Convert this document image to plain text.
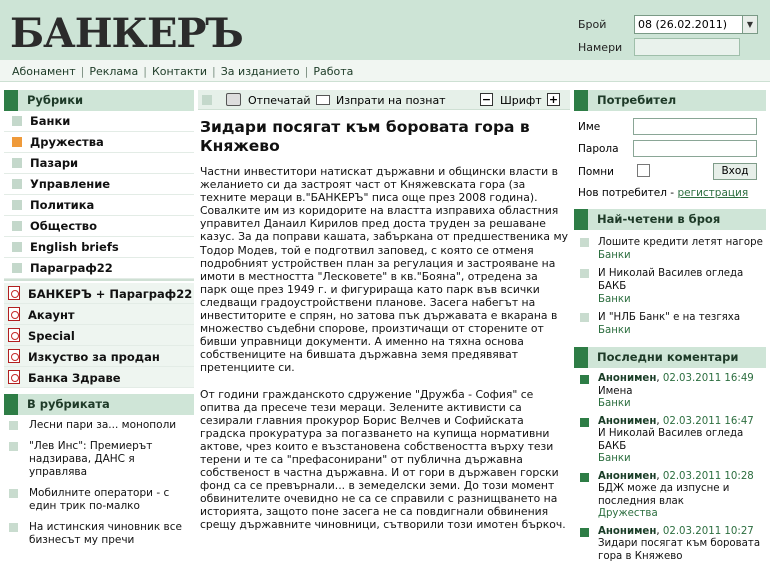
БАНКЕРЪ	Брой	08 (26.02.2011)	▼
Намери
Абонамент | Реклама | Контакти | За изданието | Работа
Рубрики
Банки
Дружества
Пазари
Управление
Политика
Общество
English briefs
Параграф22
БАНКЕРЪ + Параграф22
Акаунт
Special
Изкуство за продан
Банка Здраве
В рубриката
Лесни пари за... монополи
"Лев Инс": Премиерът надзирава, ДАНС я управлява
Мобилните оператори - с един трик по-малко
На истинския чиновник все бизнесът му пречи
Отпечатай Изпрати на познат	− Шрифт +
Зидари посягат към боровата гора в Княжево

Частни инвеститори натискат държавни и общински власти в желанието си да застроят част от Княжевската гора (за техните мераци в."БАНКЕРЪ" писа още през 2008 година). Совалките им из коридорите на властта изправиха областния управител Данаил Кирилов пред доста труден за решаване казус. За да поправи кашата, забъркана от предшественика му Тодор Модев, той е подготвил заповед, с която се отменя подробният устройствен план за регулация и застрояване на имоти в местността "Лесковете" в кв."Бояна", отредена за парк още през 1949 г. и фигурираща като парк във всички следващи градоустройствени планове. Засега набегът на инвеститорите е спрян, но затова пък държавата е вкарана в множество съдебни спорове, произтичащи от сторените от бивши управници документи. А именно на тяхна основа собствениците на бившата държавна земя предявяват претенциите си.

От години гражданското сдружение "Дружба - София" се опитва да пресече тези мераци. Зелените активисти са сезирали главния прокурор Борис Велчев и Софийската градска прокуратура за погазването на купища нормативни актове, чрез които е възстановена собствеността върху тези терени и те са "префасонирани" от публична държавна собственост в частна държавна. И от гори в държавен горски фонд са се превърнали... в земеделски земи. До този момент обвинителите очевидно не са се справили с разнищването на историята, защото поне засега не са повдигнали обвинения срещу държавните чиновници, сътворили този имотен бъркоч.

Потребител
Име
Парола
Помни	Вход
Нов потребител - регистрация
Най-четени в броя
Лошите кредити летят нагоре
Банки
И Николай Василев огледа БАКБ
Банки
И "НЛБ Банк" е на тезгяха
Банки
Последни коментари
Анонимен, 02.03.2011 16:49
Имена
Банки
Анонимен, 02.03.2011 16:47
И Николай Василев огледа БАКБ
Банки
Анонимен, 02.03.2011 10:28
БДЖ може да изпусне и последния влак
Дружества
Анонимен, 02.03.2011 10:27
Зидари посягат към боровата гора в Княжево
